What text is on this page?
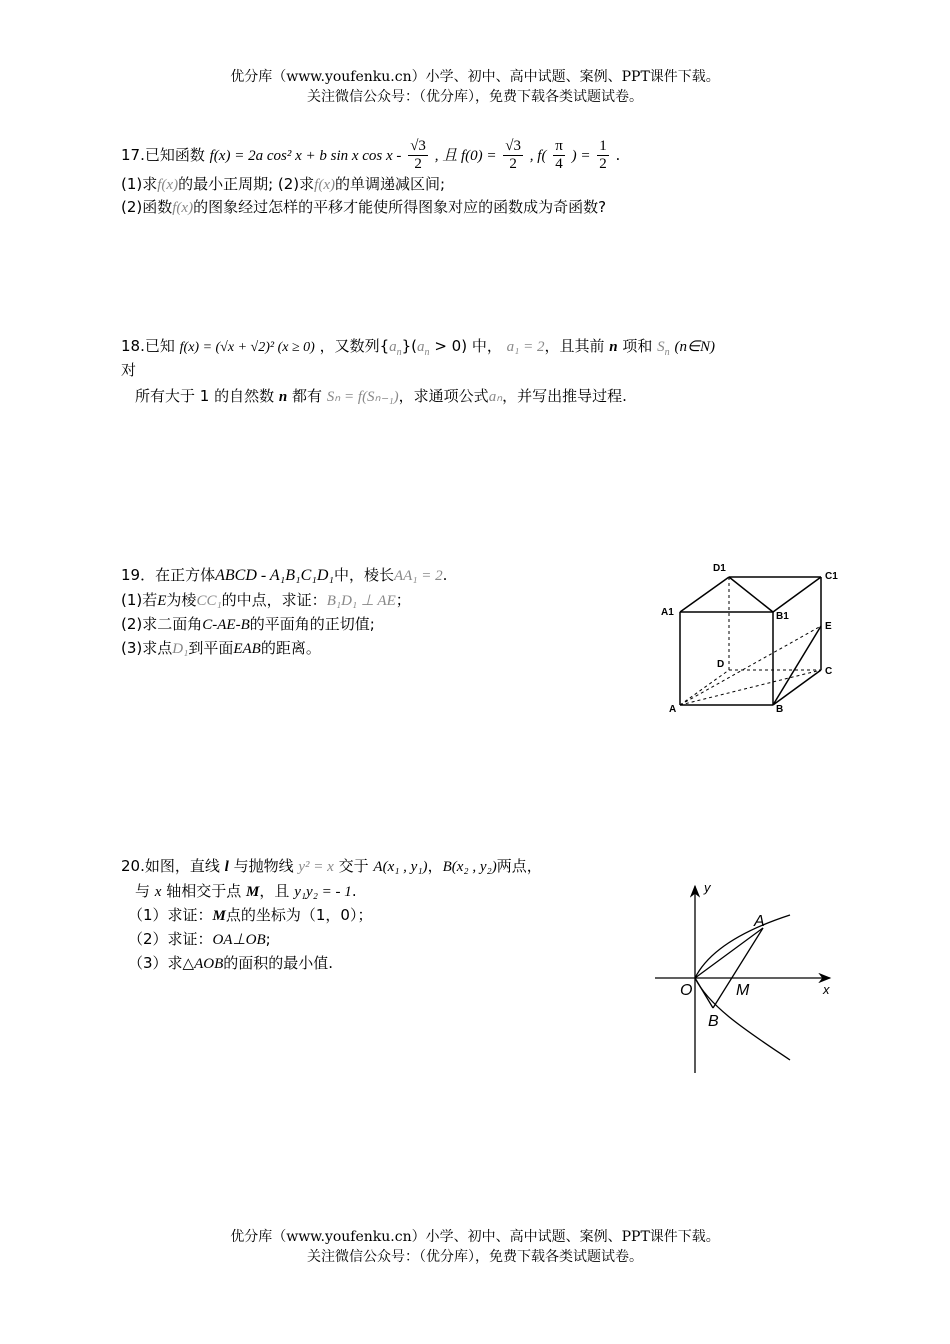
优分库（www.youfenku.cn）小学、初中、高中试题、案例、PPT课件下载。
关注微信公众号：（优分库），免费下载各类试题试卷。
17.已知函数 f(x) = 2a cos² x + b sin x cos x - $\frac{√3}{2}$ , 且 $f(0) = \frac{√3}{2}$ , $f( \frac{\pi}{4}$ ) = $\frac{1}{2}$ .
(1)求f(x)的最小正周期; (2)求f(x)的单调递减区间;
(2)函数f(x)的图象经过怎样的平移才能使所得图象对应的函数成为奇函数?
18.已知 f(x) = (√x + √2)² (x ≥ 0) ，又数列$\{a_n\}(a_n > 0)$ 中， a₁ = 2，且其前 n 项和 $S_n$ (n∈N)
对
所有大于 1 的自然数 n 都有 Sₙ = f(Sₙ₋₁)，求通项公式aₙ，并写出推导过程.
19．在正方体ABCD - A₁B₁C₁D₁中，棱长AA₁ = 2.
(1)若E为棱CC₁的中点，求证：B₁D₁ ⊥ AE；
(2)求二面角C-AE-B的平面角的正切值;
(3)求点D₁到平面EAB的距离。
D1
C1
A1	B1
E
D
C
A	B
20.如图，直线 l 与抛物线 y² = x 交于 A(x₁ , y₁)，B(x₂ , y₂)两点，
与 x 轴相交于点 M，且 y₁y₂ = - 1.
（1）求证：M点的坐标为（1，0）；
（2）求证：OA⊥OB;
（3）求△AOB的面积的最小值.
y
A
O	M	x
B
优分库（www.youfenku.cn）小学、初中、高中试题、案例、PPT课件下载。
关注微信公众号：（优分库），免费下载各类试题试卷。
